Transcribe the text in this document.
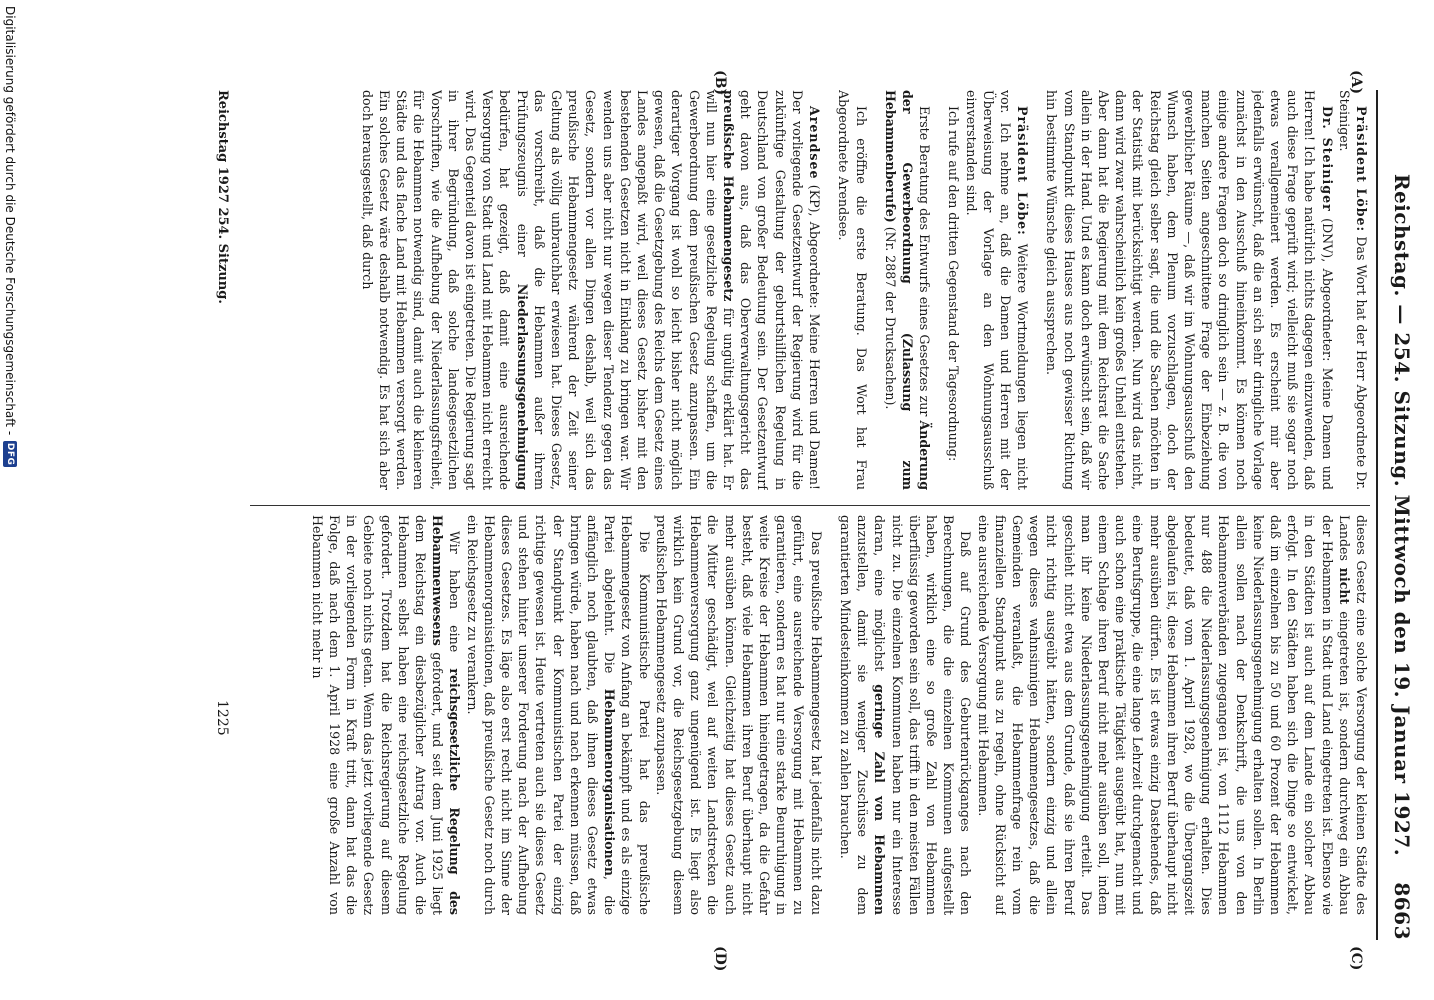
Reichstag. — 254. Sitzung. Mittwoch den 19. Januar 1927.
8663
(A)
(B)
(C)
(D)

Präsident Löbe: Das Wort hat der Herr Abgeordnete Dr. Steiniger.

Dr. Steiniger (DNV), Abgeordneter: Meine Damen und Herren! Ich habe natürlich nichts dagegen einzuwenden, daß auch diese Frage geprüft wird; vielleicht muß sie sogar noch etwas verallgemeinert werden. Es erscheint mir aber jedenfalls erwünscht, daß die an sich sehr dringliche Vorlage zunächst in den Ausschuß hineinkommt. Es können noch einige andere Fragen doch so dringlich sein — z. B. die von manchen Seiten angeschnittene Frage der Einbeziehung gewerblicher Räume —, daß wir im Wohnungsausschuß den Wunsch haben, dem Plenum vorzuschlagen, doch der Reichstag gleich selber sagt, die und die Sachen möchten in der Statistik mit berücksichtigt werden. Nun wird das nicht, dann wird zwar wahrscheinlich kein großes Unheil entstehen. Aber dann hat die Regierung mit dem Reichsrat die Sache allein in der Hand. Und es kann doch erwünscht sein, daß wir vom Standpunkt dieses Hauses aus noch gewisser Richtung hin bestimmte Wünsche gleich aussprechen.

Präsident Löbe: Weitere Wortmeldungen liegen nicht vor. Ich nehme an, daß die Damen und Herren mit der Überweisung der Vorlage an den Wohnungsausschuß einverstanden sind.

Ich rufe auf den dritten Gegenstand der Tagesordnung:

Erste Beratung des Entwurfs eines Gesetzes zur Änderung der Gewerbeordnung (Zulassung zum Hebammenberufe) (Nr. 2887 der Drucksachen).

Ich eröffne die erste Beratung. Das Wort hat Frau Abgeordnete Arendsee.

Arendsee (KP), Abgeordnete: Meine Herren und Damen! Der vorliegende Gesetzentwurf der Regierung wird für die zukünftige Gestaltung der geburtshilflichen Regelung in Deutschland von großer Bedeutung sein. Der Gesetzentwurf geht davon aus, daß das Oberverwaltungsgericht das preußische Hebammengesetz für ungültig erklärt hat. Er will nun hier eine gesetzliche Regelung schaffen, um die Gewerbeordnung dem preußischen Gesetz anzupassen. Ein derartiger Vorgang ist wohl so leicht bisher nicht möglich gewesen, daß die Gesetzgebung des Reichs dem Gesetz eines Landes angepaßt wird, weil dieses Gesetz bisher mit den bestehenden Gesetzen nicht in Einklang zu bringen war. Wir wenden uns aber nicht nur wegen dieser Tendenz gegen das Gesetz, sondern vor allen Dingen deshalb, weil sich das preußische Hebammengesetz während der Zeit seiner Geltung als völlig unbrauchbar erwiesen hat. Dieses Gesetz, das vorschreibt, daß die Hebammen außer ihrem Prüfungszeugnis einer Niederlassungsgenehmigung bedürfen, hat gezeigt, daß damit eine ausreichende Versorgung von Stadt und Land mit Hebammen nicht erreicht wird. Das Gegenteil davon ist eingetreten. Die Regierung sagt in ihrer Begründung, daß solche landesgesetzlichen Vorschriften, wie die Aufhebung der Niederlassungsfreiheit, für die Hebammen notwendig sind, damit auch die kleineren Städte und das flache Land mit Hebammen versorgt werden. Ein solches Gesetz wäre deshalb notwendig. Es hat sich aber doch herausgestellt, daß durch

dieses Gesetz eine solche Versorgung der kleinen Städte des Landes nicht eingetreten ist, sondern durchweg ein Abbau der Hebammen in Stadt und Land eingetreten ist. Ebenso wie in den Städten ist auch auf dem Lande ein solcher Abbau erfolgt. In den Städten haben sich die Dinge so entwickelt, daß im einzelnen bis zu 50 und 60 Prozent der Hebammen keine Niederlassungsgenehmigung erhalten sollen. In Berlin allein sollen nach der Denkschrift, die uns von den Hebammenverbänden zugegangen ist, von 1112 Hebammen nur 488 die Niederlassungsgenehmigung erhalten. Dies bedeutet, daß vom 1. April 1928, wo die Übergangszeit abgelaufen ist, diese Hebammen ihren Beruf überhaupt nicht mehr ausüben dürfen. Es ist etwas einzig Dastehendes, daß eine Berufsgruppe, die eine lange Lehrzeit durchgemacht und auch schon eine praktische Tätigkeit ausgeübt hat, nun mit einem Schlage ihren Beruf nicht mehr ausüben soll, indem man ihr keine Niederlassungsgenehmigung erteilt. Das geschieht nicht etwa aus dem Grunde, daß sie ihren Beruf nicht richtig ausgeübt hätten, sondern einzig und allein wegen dieses wahnsinnigen Hebammengesetzes, daß die Gemeinden veranlaßt, die Hebammenfrage rein vom finanziellen Standpunkt aus zu regeln, ohne Rücksicht auf eine ausreichende Versorgung mit Hebammen.

Daß auf Grund des Geburtenrückganges nach den Berechnungen, die die einzelnen Kommunen aufgestellt haben, wirklich eine so große Zahl von Hebammen überflüssig geworden sein soll, das trifft in den meisten Fällen nicht zu. Die einzelnen Kommunen haben nur ein Interesse daran, eine möglichst geringe Zahl von Hebammen anzustellen, damit sie weniger Zuschüsse zu dem garantierten Mindesteinkommen zu zahlen brauchen.

Das preußische Hebammengesetz hat jedenfalls nicht dazu geführt, eine ausreichende Versorgung mit Hebammen zu garantieren, sondern es hat nur eine starke Beunruhigung in weite Kreise der Hebammen hineingetragen, da die Gefahr besteht, daß viele Hebammen ihren Beruf überhaupt nicht mehr ausüben können. Gleichzeitig hat dieses Gesetz auch die Mütter geschädigt, weil auf weiten Landstrecken die Hebammenversorgung ganz ungenügend ist. Es liegt also wirklich kein Grund vor, die Reichsgesetzgebung diesem preußischen Hebammengesetz anzupassen.

Die Kommunistische Partei hat das preußische Hebammengesetz von Anfang an bekämpft und es als einzige Partei abgelehnt. Die Hebammenorganisationen, die anfänglich noch glaubten, daß ihnen dieses Gesetz etwas bringen würde, haben nach und nach erkennen müssen, daß der Standpunkt der Kommunistischen Partei der einzig richtige gewesen ist. Heute vertreten auch sie dieses Gesetz und stehen hinter unserer Forderung nach der Aufhebung dieses Gesetzes. Es läge also erst recht nicht im Sinne der Hebammenorganisationen, daß preußische Gesetz noch durch ein Reichsgesetz zu verankern.

Wir haben eine reichsgesetzliche Regelung des Hebammenwesens gefordert, und seit dem Juni 1925 liegt dem Reichstag ein diesbezüglicher Antrag vor. Auch die Hebammen selbst haben eine reichsgesetzliche Regelung gefordert. Trotzdem hat die Reichsregierung auf diesem Gebiete noch nichts getan. Wenn das jetzt vorliegende Gesetz in der vorliegenden Form in Kraft tritt, dann hat das die Folge, daß nach dem 1. April 1928 eine große Anzahl von Hebammen nicht mehr in

Reichstag 1927 254. Sitzung.
1225
Digitalisierung gefördert durch die Deutsche Forschungsgemeinschaft -
DFG
